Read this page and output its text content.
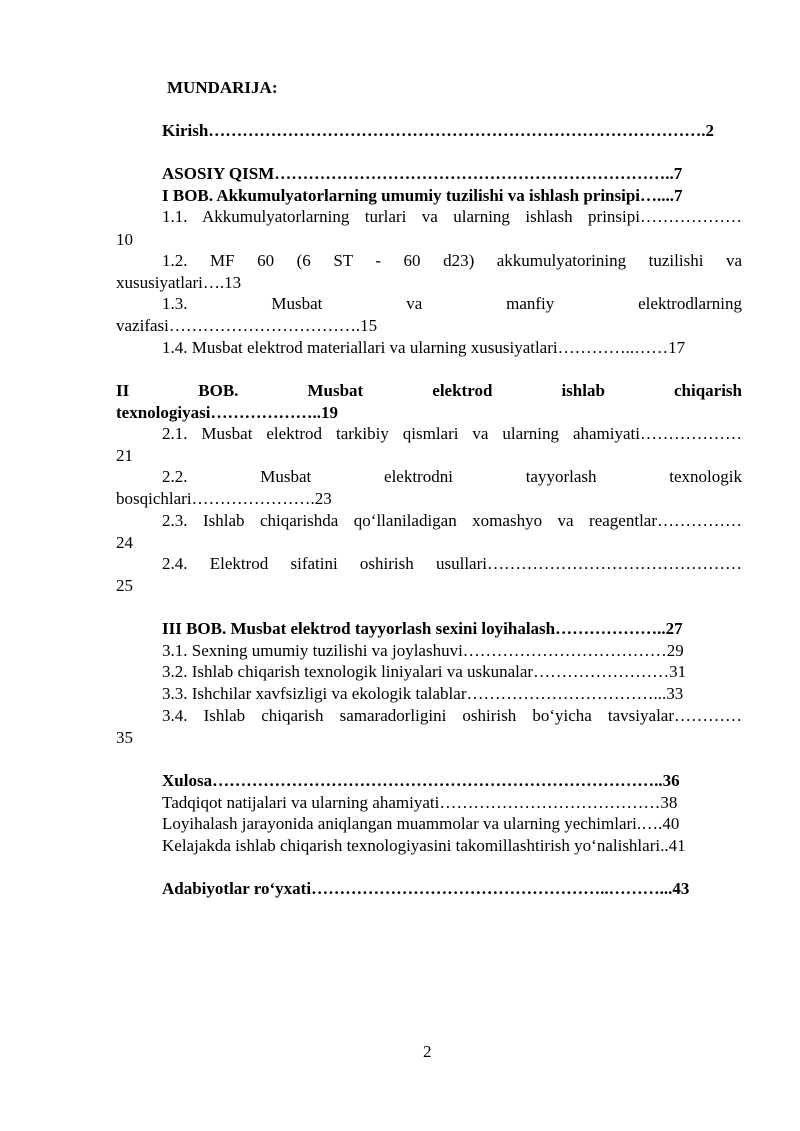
MUNDARIJA:
Kirish…………………………………………………………………………….2
ASOSIY QISM……………………………………………………………..7
I BOB. Akkumulyatorlarning umumiy tuzilishi va ishlash prinsipi…....7
1.1. Akkumulyatorlarning turlari va ularning ishlash prinsipi………………
10
1.2. MF 60 (6 ST - 60 d23) akkumulyatorining tuzilishi va
xususiyatlari….13
1.3. Musbat va manfiy elektrodlarning
vazifasi…………………………….15
1.4. Musbat elektrod materiallari va ularning xususiyatlari…………..……17
II BOB. Musbat elektrod ishlab chiqarish
texnologiyasi………………..19
2.1. Musbat elektrod tarkibiy qismlari va ularning ahamiyati………………
21
2.2. Musbat elektrodni tayyorlash texnologik
bosqichlari………………….23
2.3. Ishlab chiqarishda qo‘llaniladigan xomashyo va reagentlar……………
24
2.4. Elektrod sifatini oshirish usullari………………………………………
25
III BOB. Musbat elektrod tayyorlash sexini loyihalash………………..27
3.1. Sexning umumiy tuzilishi va joylashuvi………………………………29
3.2. Ishlab chiqarish texnologik liniyalari va uskunalar……………………31
3.3. Ishchilar xavfsizligi va ekologik talablar……………………………...33
3.4. Ishlab chiqarish samaradorligini oshirish bo‘yicha tavsiyalar…………
35
Xulosa……………………………………………………………………..36
Tadqiqot natijalari va ularning ahamiyati…………………………………38
Loyihalash jarayonida aniqlangan muammolar va ularning yechimlari.….40
Kelajakda ishlab chiqarish texnologiyasini takomillashtirish yo‘nalishlari..41
Adabiyotlar ro‘yxati……………………………………………..………...43
2
